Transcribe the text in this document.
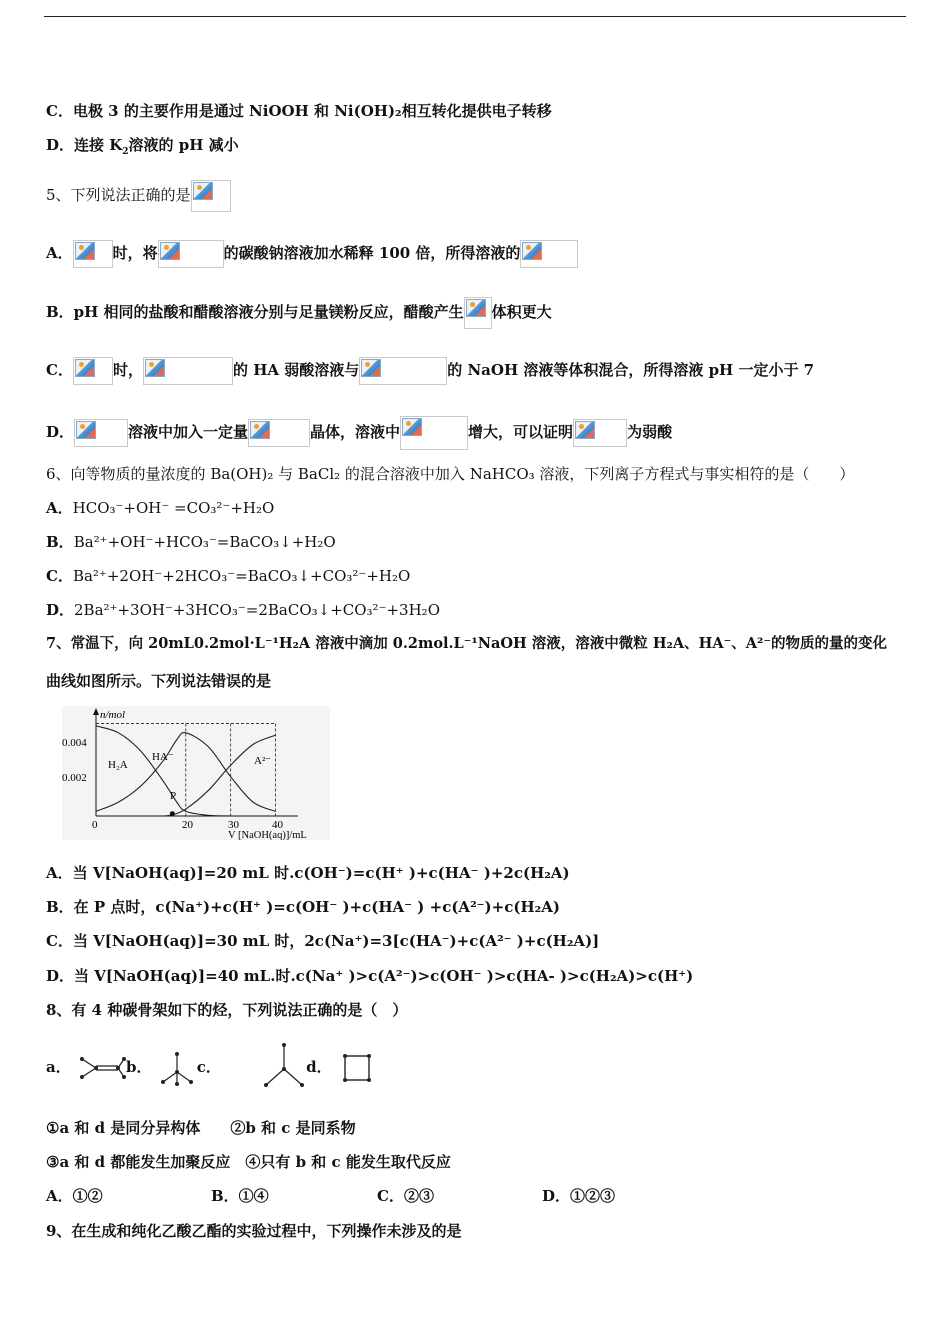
C．电极 3 的主要作用是通过 NiOOH 和 Ni(OH)₂相互转化提供电子转移
D．连接 $K_2$溶液的 pH 减小
5、下列说法正确的是
A．	时，将	的碳酸钠溶液加水稀释 100 倍，所得溶液的
B．pH 相同的盐酸和醋酸溶液分别与足量镁粉反应，醋酸产生 体积更大
C．	时，	的 HA 弱酸溶液与	的 NaOH 溶液等体积混合，所得溶液 pH 一定小于 7
D．	溶液中加入一定量	晶体，溶液中	增大，可以证明	为弱酸
6、向等物质的量浓度的 Ba(OH)₂ 与 BaCl₂ 的混合溶液中加入 NaHCO₃ 溶液，下列离子方程式与事实相符的是（　　）
A．HCO₃⁻+OH⁻ =CO₃²⁻+H₂O
B．Ba²⁺+OH⁻+HCO₃⁻=BaCO₃↓+H₂O
C．Ba²⁺+2OH⁻+2HCO₃⁻=BaCO₃↓+CO₃²⁻+H₂O
D．2Ba²⁺+3OH⁻+3HCO₃⁻=2BaCO₃↓+CO₃²⁻+3H₂O
7、常温下，向 20mL0.2mol·L⁻¹H₂A 溶液中滴加 0.2mol.L⁻¹NaOH 溶液，溶液中微粒 H₂A、HA⁻、A²⁻的物质的量的变化
曲线如图所示。下列说法错误的是
n/mol
0.004
0.002
0	20	30	40
V [NaOH(aq)]/mL
H₂A
HA⁻	A²⁻
P
A．当 V[NaOH(aq)]=20 mL 时.c(OH⁻)=c(H⁺ )+c(HA⁻ )+2c(H₂A)
B．在 P 点时，c(Na⁺)+c(H⁺ )=c(OH⁻ )+c(HA⁻ ) +c(A²⁻)+c(H₂A)
C．当 V[NaOH(aq)]=30 mL 时，2c(Na⁺)=3[c(HA⁻)+c(A²⁻ )+c(H₂A)]
D．当 V[NaOH(aq)]=40 mL.时.c(Na⁺ )>c(A²⁻)>c(OH⁻ )>c(HA- )>c(H₂A)>c(H⁺)
8、有 4 种碳骨架如下的烃，下列说法正确的是（　）
a．	b．	c．	d．
①a 和 d 是同分异构体　　 ②b 和 c 是同系物
③a 和 d 都能发生加聚反应　 ④只有 b 和 c 能发生取代反应
A．①②	B．①④	C．②③	D．①②③
9、在生成和纯化乙酸乙酯的实验过程中，下列操作未涉及的是
